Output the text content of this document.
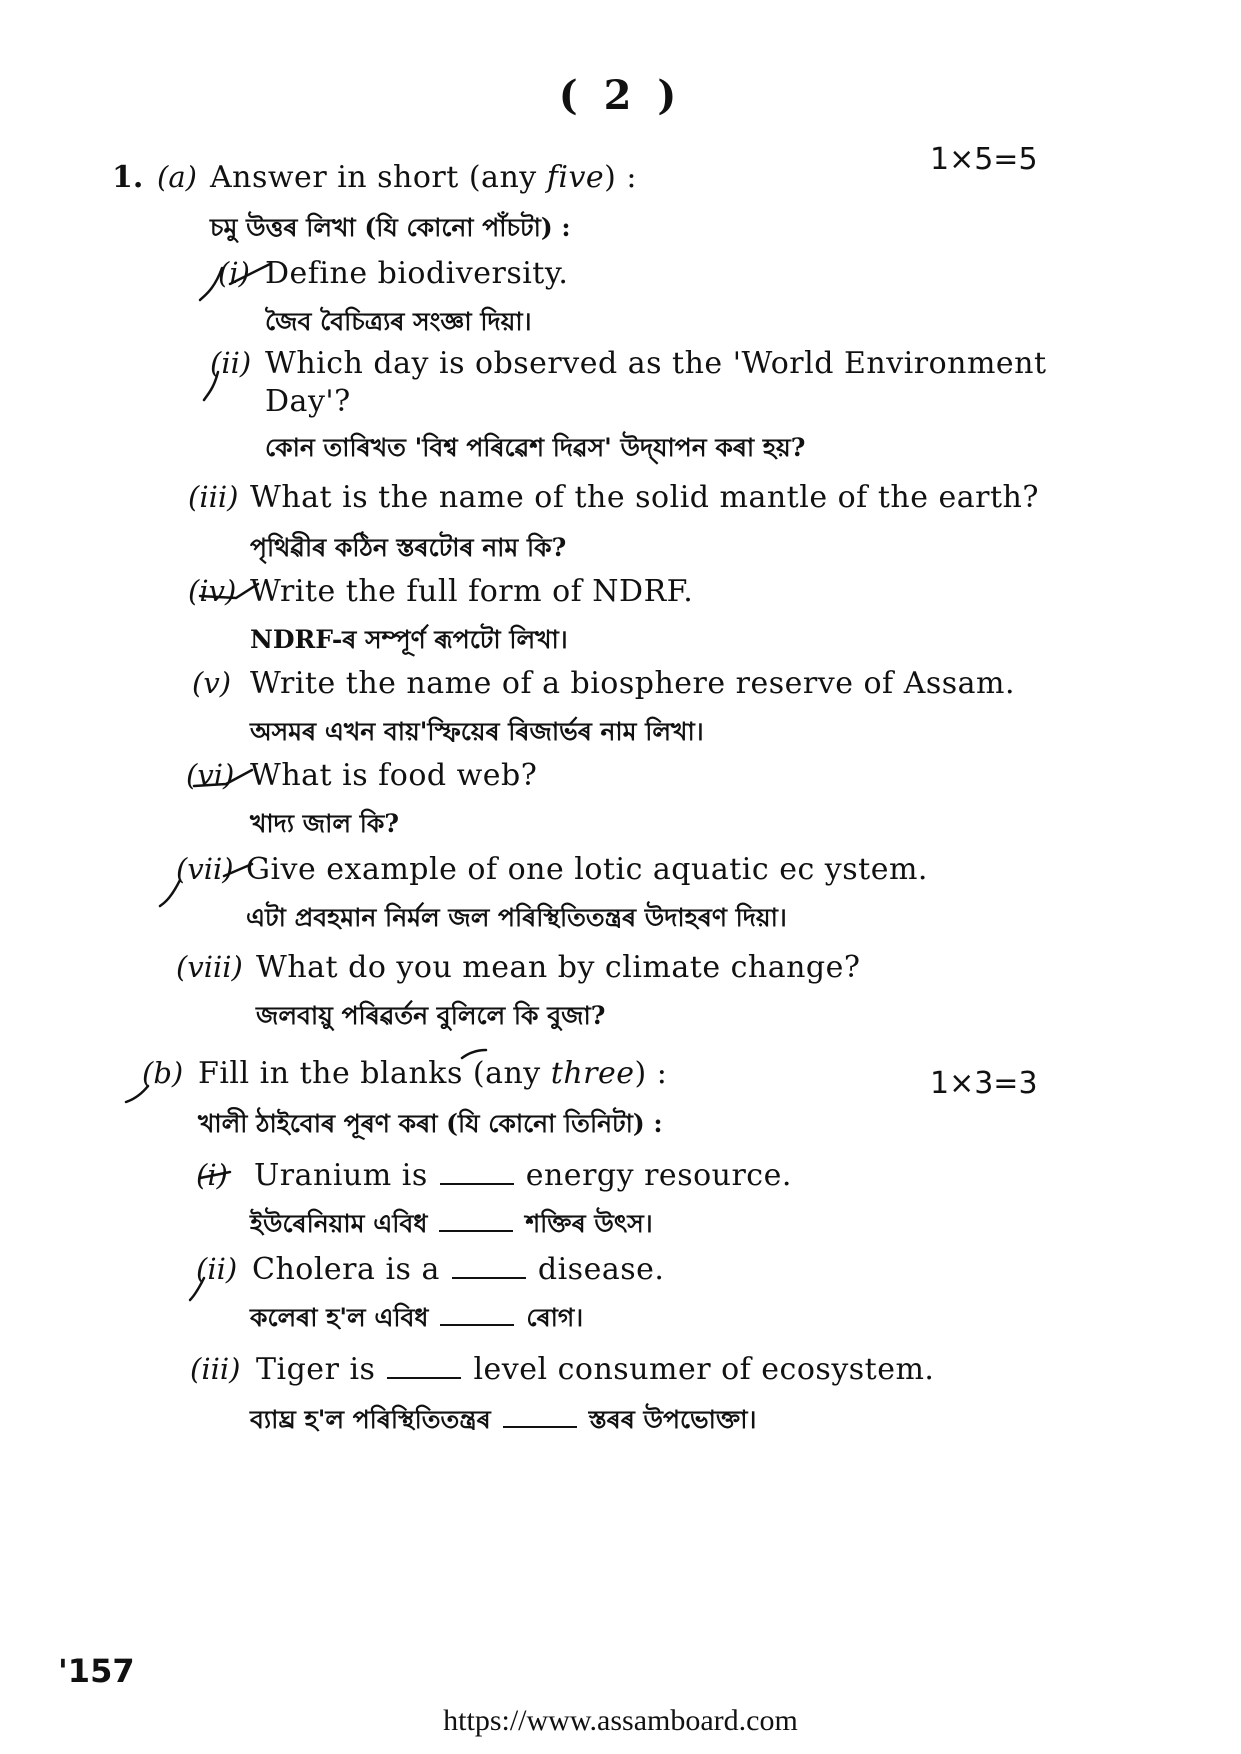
( 2 )
1. (a) Answer in short (any five) :
1×5=5
চমু উত্তৰ লিখা (যি কোনো পাঁচটা) :
(i) Define biodiversity.
জৈব বৈচিত্র্যৰ সংজ্ঞা দিয়া।
(ii) Which day is observed as the 'World Environment
Day'?
কোন তাৰিখত 'বিশ্ব পৰিৱেশ দিৱস' উদ্‌যাপন কৰা হয়?
(iii) What is the name of the solid mantle of the earth?
পৃথিৱীৰ কঠিন স্তৰটোৰ নাম কি?
(iv) Write the full form of NDRF.
NDRF-ৰ সম্পূৰ্ণ ৰূপটো লিখা।
(v) Write the name of a biosphere reserve of Assam.
অসমৰ এখন বায়'স্ফিয়েৰ ৰিজাৰ্ভৰ নাম লিখা।
(vi) What is food web?
খাদ্য জাল কি?
(vii) Give example of one lotic aquatic ec ystem.
এটা প্ৰবহমান নিৰ্মল জল পৰিস্থিতিতন্ত্ৰৰ উদাহৰণ দিয়া।
(viii) What do you mean by climate change?
জলবায়ু পৰিৱৰ্তন বুলিলে কি বুজা?
(b) Fill in the blanks (any three) :	1×3=3
খালী ঠাইবোৰ পূৰণ কৰা (যি কোনো তিনিটা) :
(i) Uranium is	energy resource.
ইউৰেনিয়াম এবিধ	শক্তিৰ উৎস।
(ii) Cholera is a	disease.
কলেৰা হ'ল এবিধ	ৰোগ।
(iii) Tiger is	level consumer of ecosystem.
ব্যাঘ্ৰ হ'ল পৰিস্থিতিতন্ত্ৰৰ	স্তৰৰ উপভোক্তা।
'157
https://www.assamboard.com
